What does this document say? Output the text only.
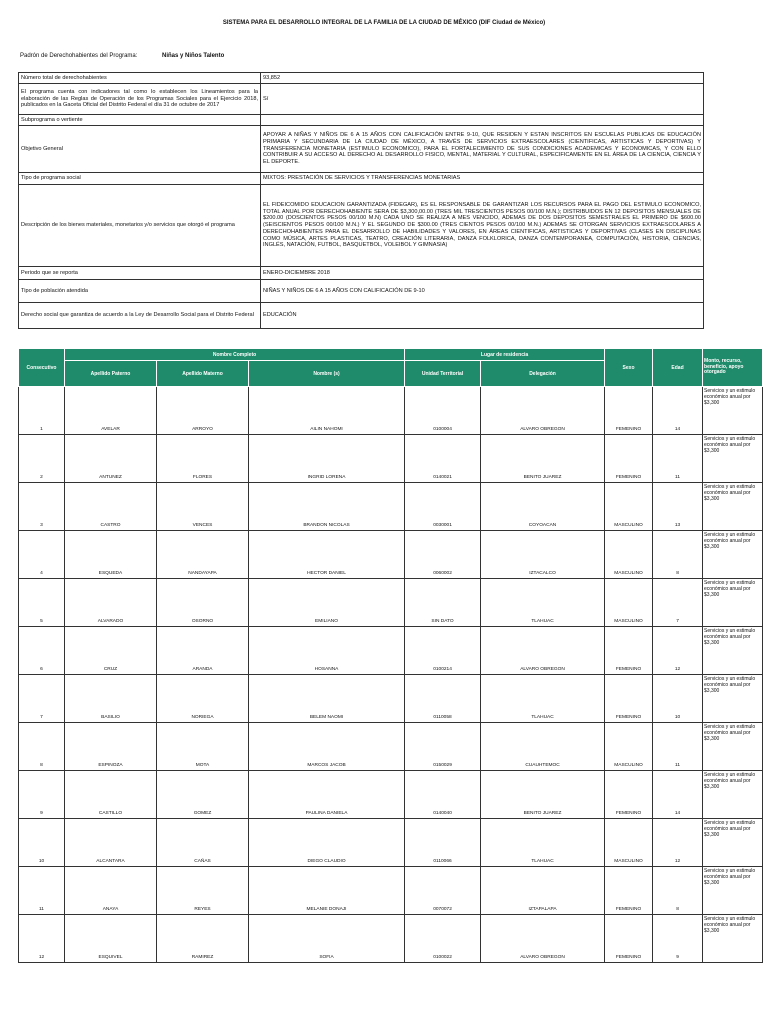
SISTEMA PARA EL DESARROLLO INTEGRAL DE LA FAMILIA DE LA CIUDAD DE MÉXICO (DIF Ciudad de México)
Padrón de Derechohabientes del Programa:	Niñas y Niños Talento
Número total de derechohabientes	93,852
El programa cuenta con indicadores tal como lo establecen los Lineamientos para la elaboración de las Reglas de Operación de los Programas Sociales para el Ejercicio 2018, publicados en la Gaceta Oficial del Distrito Federal el día 31 de octubre de 2017	Sí
Subprograma o vertiente	
Objetivo General	APOYAR A NIÑAS Y NIÑOS DE 6 A 15 AÑOS CON CALIFICACIÓN ENTRE 9-10, QUE RESIDEN Y ESTAN INSCRITOS EN ESCUELAS PUBLICAS DE EDUCACIÓN PRIMARIA Y SECUNDARIA DE LA CIUDAD DE MÉXICO, A TRAVÉS DE SERVICIOS EXTRAESCOLARES (CIENTIFICAS, ARTISTICAS Y DEPORTIVAS) Y TRANSFERENCIA MONETARIA (ESTIMULO ECONOMICO), PARA EL FORTALECIMIENTO DE SUS CONDICIONES ACADEMICAS Y ECONOMICAS, Y CON ELLO CONTRIBUIR A SU ACCESO AL DERECHO AL DESARROLLO FISICO, MENTAL, MATERIAL Y CULTURAL, ESPECIFICAMENTE EN EL ÁREA DE LA CIENCIA, CIENCIA Y EL DEPORTE.
Tipo de programa social	MIXTOS: PRESTACIÓN DE SERVICIOS Y TRANSFERENCIAS MONETARIAS
Descripción de los bienes materiales, monetarios y/o servicios que otorgó el programa	EL FIDEICOMIDO EDUCACION GARANTIZADA (FIDEGAR), ES EL RESPONSABLE DE GARANTIZAR LOS RECURSOS PARA EL PAGO DEL ESTIMULO ECONOMICO, TOTAL ANUAL POR DERECHOHABIENTE SERA DE $3,300,00.00 (TRES MIL TRESCIENTOS PESOS 00/100 M.N.); DISTRIBUIDOS EN 12 DEPOSITOS MENSUALES DE $200.00 (DOSCIENTOS PESOS 00/100 M.N) CADA UNO SE REALIZA A MES VENCIDO, ADEMAS DE DOS DEPOSITOS SEMESTRALES EL PRIMERO DE $600.00 (SEISCIENTOS PESOS 00/100 M.N.) Y EL SEGUNDO DE $300.00 (TRES CIENTOS PESOS 00/100 M.N.) ADEMAS SE OTORGAN SERVICIOS EXTRAESCOLARES A DERECHOHABIENTES PARA EL DESARROLLO DE HABILIDADES Y VALORES, EN ÁREAS CIENTIFICAS, ARTISTICAS Y DEPORTIVAS (CLASES EN DISCIPLINAS COMO MÚSICA, ARTES PLASTICAS, TEATRO, CREACIÓN LITERARIA, DANZA FOLKLORICA, DANZA CONTEMPORANEA, COMPUTACIÓN, HISTORIA, CIENCIAS, INGLÉS, NATACIÓN, FUTBOL, BASQUETBOL, VOLEIBOL Y GIMNASIA)
Periodo que se reporta	ENERO-DICIEMBRE 2018
Tipo de población atendida	NIÑAS Y NIÑOS DE 6 A 15 AÑOS CON CALIFICACIÓN DE 9-10
Derecho social que garantiza de acuerdo a la Ley de Desarrollo Social para el Distrito Federal	EDUCACIÓN
Consecutivo	Nombre Completo			Lugar de residencia		Sexo	Edad	Monto, recurso, beneficio, apoyo otorgado
	Apellido Paterno	Apellido Materno	Nombre (s)	Unidad Territorial	Delegación			
1	AVELAR	ARROYO	AILIN NAHOMI	0100004	ALVARO OBREGON	FEMENINO	14	Servicios y un estimulo económico anual por $3,300
2	ANTUNEZ	FLORES	INGRID LORENA	0140021	BENITO JUAREZ	FEMENINO	11	Servicios y un estimulo económico anual por $3,300
3	CASTRO	VENCES	BRANDON NICOLAS	0030001	COYOACAN	MASCULINO	13	Servicios y un estimulo económico anual por $3,300
4	ESQUEDA	NANDAYAPA	HECTOR DANIEL	0060002	IZTACALCO	MASCULINO	8	Servicios y un estimulo económico anual por $3,300
5	ALVARADO	OSORNO	EMILIANO	SIN DATO	TLAHUAC	MASCULINO	7	Servicios y un estimulo económico anual por $3,300
6	CRUZ	ARANDA	HOSANNA	0100214	ALVARO OBREGON	FEMENINO	12	Servicios y un estimulo económico anual por $3,300
7	BASILIO	NORIEGA	BELEM NAOMI	0110058	TLAHUAC	FEMENINO	10	Servicios y un estimulo económico anual por $3,300
8	ESPINOZA	MOTA	MARCOS JACOB	0150029	CUAUHTEMOC	MASCULINO	11	Servicios y un estimulo económico anual por $3,300
9	CASTILLO	GOMEZ	PAULINA DANIELA	0140040	BENITO JUAREZ	FEMENINO	14	Servicios y un estimulo económico anual por $3,300
10	ALCANTARA	CAÑAS	DIEGO CLAUDIO	0110066	TLAHUAC	MASCULINO	12	Servicios y un estimulo económico anual por $3,300
11	ANAYA	REYES	MELANIE DONAJI	0070072	IZTAPALAPA	FEMENINO	8	Servicios y un estimulo económico anual por $3,300
12	ESQUIVEL	RAMIREZ	SOFIA	0100022	ALVARO OBREGON	FEMENINO	9	Servicios y un estimulo económico anual por $3,300
